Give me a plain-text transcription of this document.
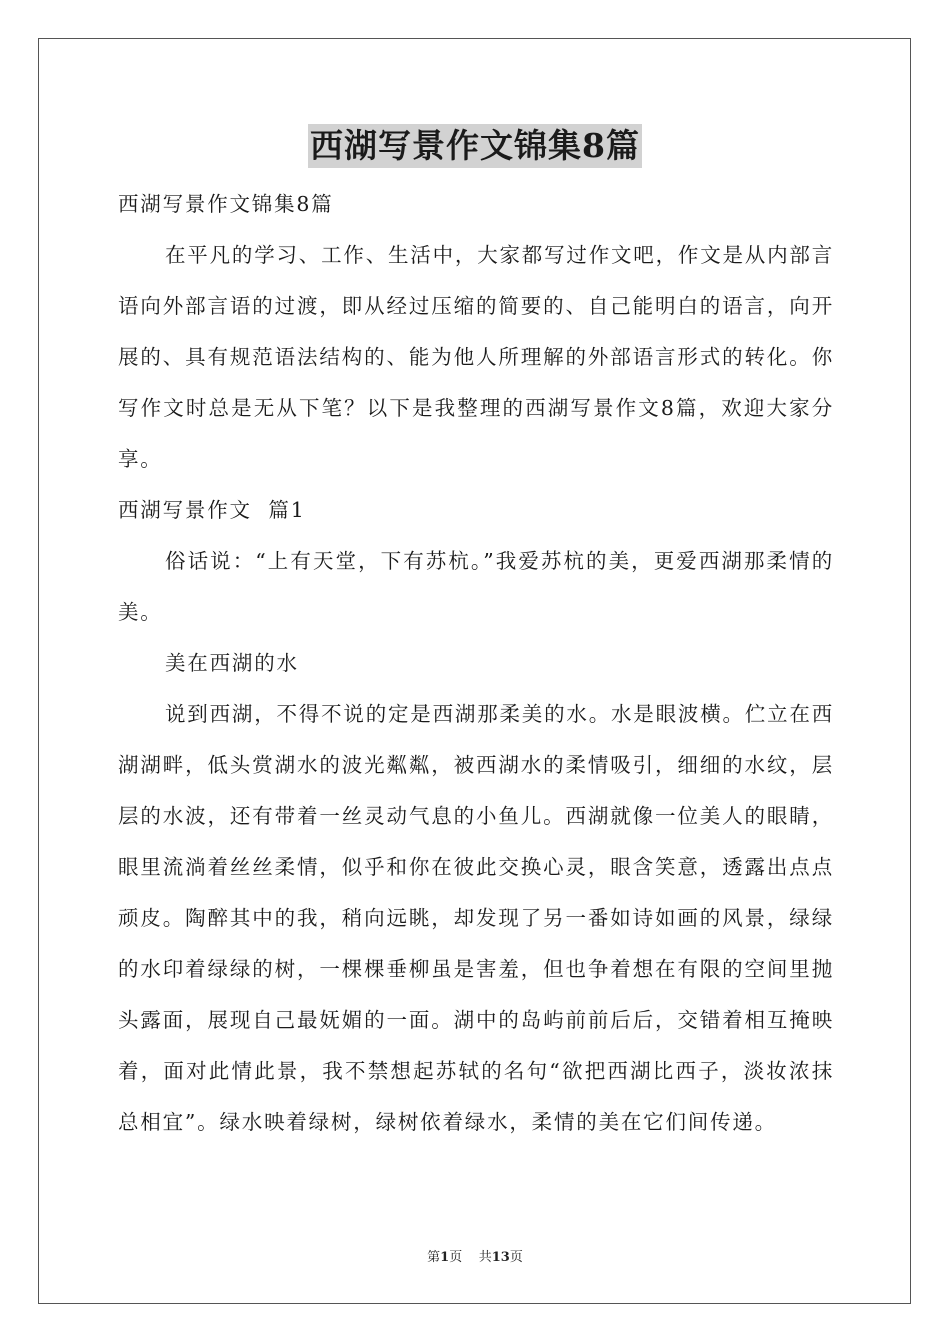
西湖写景作文锦集8篇

西湖写景作文锦集8篇

在平凡的学习、工作、生活中，大家都写过作文吧，作文是从内部言语向外部言语的过渡，即从经过压缩的简要的、自己能明白的语言，向开展的、具有规范语法结构的、能为他人所理解的外部语言形式的转化。你写作文时总是无从下笔？以下是我整理的西湖写景作文8篇，欢迎大家分享。

西湖写景作文  篇1

俗话说：“上有天堂，下有苏杭。”我爱苏杭的美，更爱西湖那柔情的美。

美在西湖的水

说到西湖，不得不说的定是西湖那柔美的水。水是眼波横。伫立在西湖湖畔，低头赏湖水的波光粼粼，被西湖水的柔情吸引，细细的水纹，层层的水波，还有带着一丝灵动气息的小鱼儿。西湖就像一位美人的眼睛，眼里流淌着丝丝柔情，似乎和你在彼此交换心灵，眼含笑意，透露出点点顽皮。陶醉其中的我，稍向远眺，却发现了另一番如诗如画的风景，绿绿的水印着绿绿的树，一棵棵垂柳虽是害羞，但也争着想在有限的空间里抛头露面，展现自己最妩媚的一面。湖中的岛屿前前后后，交错着相互掩映着，面对此情此景，我不禁想起苏轼的名句“欲把西湖比西子，淡妆浓抹总相宜”。绿水映着绿树，绿树依着绿水，柔情的美在它们间传递。

第1页 共13页
